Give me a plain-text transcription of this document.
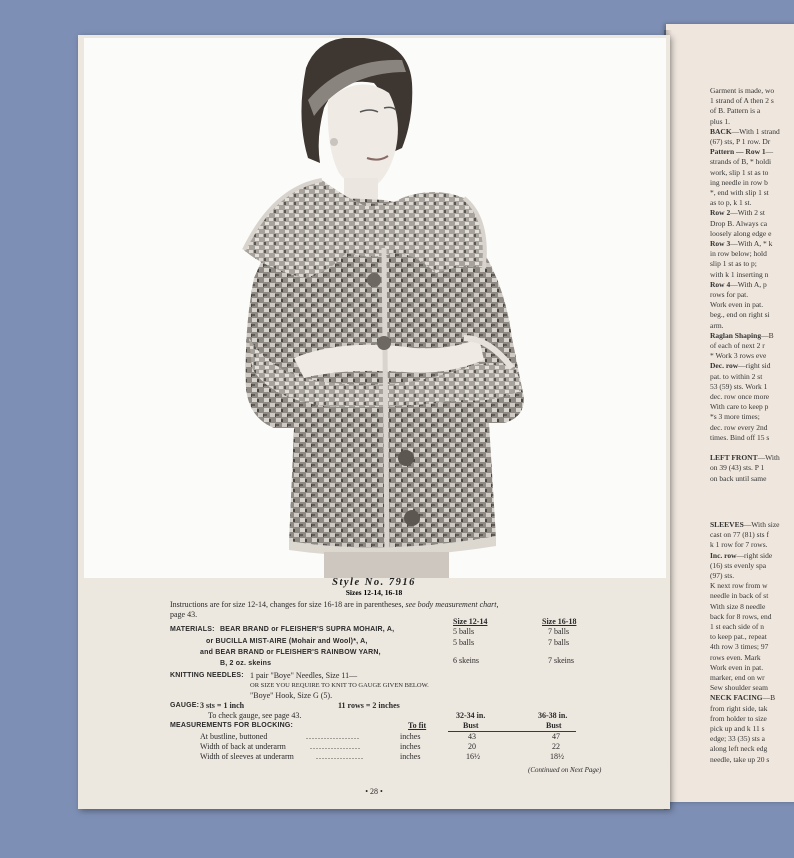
Garment is made, wo
1 strand of A then 2 s
of B. Pattern is a
plus 1.
BACK—With 1 strand
(67) sts, P 1 row. Dr
Pattern — Row 1—
strands of B, * holdi
work, slip 1 st as to
ing needle in row b
*, end with slip 1 st
as to p, k 1 st.
Row 2—With 2 st
Drop B. Always ca
loosely along edge e
Row 3—With A, * k
in row below; hold
slip 1 st as to p;
with k 1 inserting n
Row 4—With A, p
rows for pat.
Work even in pat.
beg., end on right si
arm.
Raglan Shaping—B
of each of next 2 r
* Work 3 rows eve
Dec. row—right sid
pat. to within 2 st
53 (59) sts. Work 1
dec. row once more
With care to keep p
*s 3 more times;
dec. row every 2nd
times. Bind off 15 s
LEFT FRONT—With
on 39 (43) sts. P 1
on back until same
SLEEVES—With size
cast on 77 (81) sts f
k 1 row for 7 rows.
Inc. row—right side
(16) sts evenly spa
(97) sts.
K next row from w
needle in back of st
With size 8 needle
back for 8 rows, end
1 st each side of n
to keep pat., repeat
4th row 3 times; 97
rows even. Mark
Work even in pat.
marker, end on wr
Sew shoulder seam
NECK FACING—B
from right side, tak
from holder to size
pick up and k 11 s
edge; 33 (35) sts a
along left neck edg
needle, take up 20 s
Style No. 7916
Sizes 12-14, 16-18
Instructions are for size 12-14, changes for size 16-18 are in parentheses, see body measurement chart,
page 43.
Size 12-14	Size 16-18
MATERIALS: BEAR BRAND or FLEISHER'S SUPRA MOHAIR, A,	5 balls	7 balls
or BUCILLA MIST-AIRE (Mohair and Wool)*, A,	5 balls	7 balls
and BEAR BRAND or FLEISHER'S RAINBOW YARN,
B, 2 oz. skeins	6 skeins	7 skeins
KNITTING NEEDLES: 1 pair "Boye" Needles, Size 11—
OR SIZE YOU REQUIRE TO KNIT TO GAUGE GIVEN BELOW.
"Boye" Hook, Size G (5).
GAUGE: 3 sts = 1 inch	11 rows = 2 inches
To check gauge, see page 43.	32-34 in.	36-38 in.
MEASUREMENTS FOR BLOCKING:	To fit	Bust	Bust
At bustline, buttoned	..................	inches	43	47
Width of back at underarm	.................	inches	20	22
Width of sleeves at underarm	................	inches	16½	18½
(Continued on Next Page)
• 28 •
